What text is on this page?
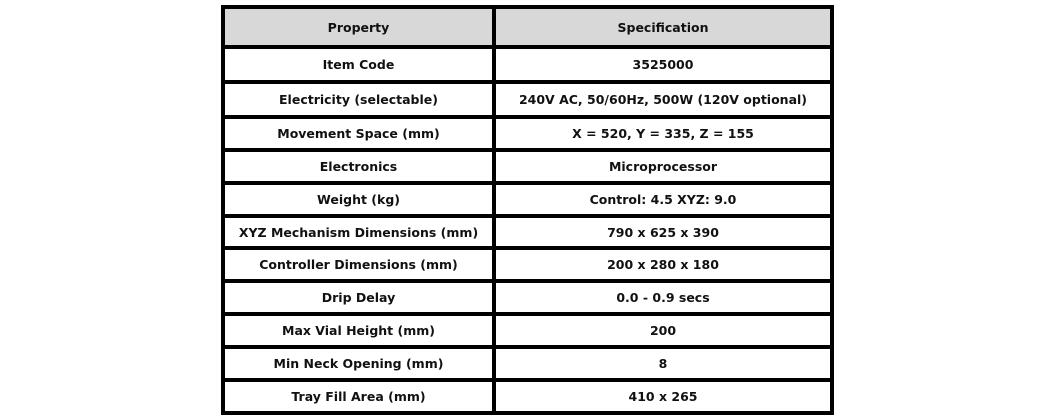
Property	Specification
Item Code	3525000
Electricity (selectable)	240V AC, 50/60Hz, 500W (120V optional)
Movement Space (mm)	X = 520, Y = 335, Z = 155
Electronics	Microprocessor
Weight (kg)	Control: 4.5 XYZ: 9.0
XYZ Mechanism Dimensions (mm)	790 x 625 x 390
Controller Dimensions (mm)	200 x 280 x 180
Drip Delay	0.0 - 0.9 secs
Max Vial Height (mm)	200
Min Neck Opening (mm)	8
Tray Fill Area (mm)	410 x 265
